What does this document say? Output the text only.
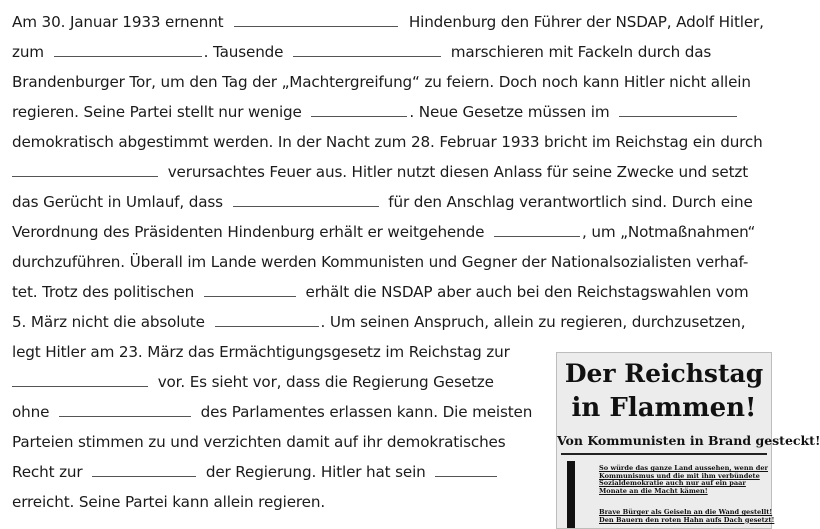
Am 30. Januar 1933 ernennt	Hindenburg den Führer der NSDAP, Adolf Hitler,
zum	. Tausende	marschieren mit Fackeln durch das
Brandenburger Tor, um den Tag der „Machtergreifung“ zu feiern. Doch noch kann Hitler nicht allein
regieren. Seine Partei stellt nur wenige	. Neue Gesetze müssen im
demokratisch abgestimmt werden. In der Nacht zum 28. Februar 1933 bricht im Reichstag ein durch
verursachtes Feuer aus. Hitler nutzt diesen Anlass für seine Zwecke und setzt
das Gerücht in Umlauf, dass	für den Anschlag verantwortlich sind. Durch eine
Verordnung des Präsidenten Hindenburg erhält er weitgehende	, um „Notmaßnahmen“
durchzuführen. Überall im Lande werden Kommunisten und Gegner der Nationalsozialisten verhaf-
tet. Trotz des politischen	erhält die NSDAP aber auch bei den Reichstagswahlen vom
5. März nicht die absolute	. Um seinen Anspruch, allein zu regieren, durchzusetzen,
legt Hitler am 23. März das Ermächtigungsgesetz im Reichstag zur
vor. Es sieht vor, dass die Regierung Gesetze
ohne	des Parlamentes erlassen kann. Die meisten
Parteien stimmen zu und verzichten damit auf ihr demokratisches
Recht zur	der Regierung. Hitler hat sein
erreicht. Seine Partei kann allein regieren.
Der Reichstag
in Flammen!
Von Kommunisten in Brand gesteckt!
So würde das ganze Land aussehen, wenn der
Kommunismus und die mit ihm verbündete
Sozialdemokratie auch nur auf ein paar
Monate an die Macht kämen!
Brave Bürger als Geiseln an die Wand gestellt!
Den Bauern den roten Hahn aufs Dach gesetzt!
